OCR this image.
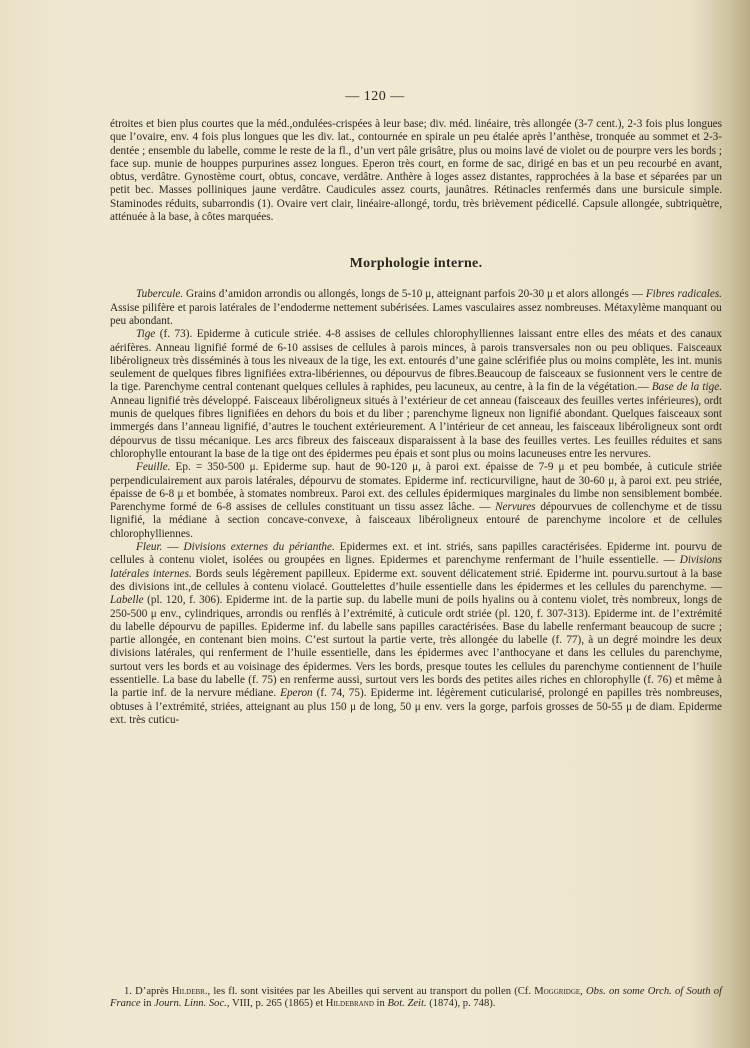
— 120 —

étroites et bien plus courtes que la méd.,ondulées-crispées à leur base; div. méd. linéaire, très allongée (3-7 cent.), 2-3 fois plus longues que l’ovaire, env. 4 fois plus longues que les div. lat., contournée en spirale un peu étalée après l’anthèse, tronquée au sommet et 2-3-dentée ; ensemble du labelle, comme le reste de la fl., d’un vert pâle grisâtre, plus ou moins lavé de violet ou de pourpre vers les bords ; face sup. munie de houppes purpurines assez longues. Eperon très court, en forme de sac, dirigé en bas et un peu recourbé en avant, obtus, verdâtre. Gynostème court, obtus, concave, verdâtre. Anthère à loges assez distantes, rapprochées à la base et séparées par un petit bec. Masses polliniques jaune verdâtre. Caudicules assez courts, jaunâtres. Rétinacles renfermés dans une bursicule simple. Staminodes réduits, subarrondis (1). Ovaire vert clair, linéaire-allongé, tordu, très brièvement pédicellé. Capsule allongée, subtriquètre, atténuée à la base, à côtes marquées.

Morphologie interne.

Tubercule. Grains d’amidon arrondis ou allongés, longs de 5-10 μ, atteignant parfois 20-30 μ et alors allongés — Fibres radicales. Assise pilifère et parois latérales de l’endoderme nettement subérisées. Lames vasculaires assez nombreuses. Métaxylème manquant ou peu abondant.

Tige (f. 73). Epiderme à cuticule striée. 4-8 assises de cellules chlorophylliennes laissant entre elles des méats et des canaux aérifères. Anneau lignifié formé de 6-10 assises de cellules à parois minces, à parois transversales non ou peu obliques. Faisceaux libéroligneux très disséminés à tous les niveaux de la tige, les ext. entourés d’une gaine sclérifiée plus ou moins complète, les int. munis seulement de quelques fibres lignifiées extra-libériennes, ou dépourvus de fibres.Beaucoup de faisceaux se fusionnent vers le centre de la tige. Parenchyme central contenant quelques cellules à raphides, peu lacuneux, au centre, à la fin de la végétation.— Base de la tige. Anneau lignifié très développé. Faisceaux libéroligneux situés à l’extérieur de cet anneau (faisceaux des feuilles vertes inférieures), ordt munis de quelques fibres lignifiées en dehors du bois et du liber ; parenchyme ligneux non lignifié abondant. Quelques faisceaux sont immergés dans l’anneau lignifié, d’autres le touchent extérieurement. A l’intérieur de cet anneau, les faisceaux libéroligneux sont ordt dépourvus de tissu mécanique. Les arcs fibreux des faisceaux disparaissent à la base des feuilles vertes. Les feuilles réduites et sans chlorophylle entourant la base de la tige ont des épidermes peu épais et sont plus ou moins lacuneuses entre les nervures.

Feuille. Ep. = 350-500 μ. Epiderme sup. haut de 90-120 μ, à paroi ext. épaisse de 7-9 μ et peu bombée, à cuticule striée perpendiculairement aux parois latérales, dépourvu de stomates. Epiderme inf. recticurviligne, haut de 30-60 μ, à paroi ext. peu striée, épaisse de 6-8 μ et bombée, à stomates nombreux. Paroi ext. des cellules épidermiques marginales du limbe non sensiblement bombée. Parenchyme formé de 6-8 assises de cellules constituant un tissu assez lâche. — Nervures dépourvues de collenchyme et de tissu lignifié, la médiane à section concave-convexe, à faisceaux libéroligneux entouré de parenchyme incolore et de cellules chlorophylliennes.

Fleur. — Divisions externes du périanthe. Epidermes ext. et int. striés, sans papilles caractérisées. Epiderme int. pourvu de cellules à contenu violet, isolées ou groupées en lignes. Epidermes et parenchyme renfermant de l’huile essentielle. — Divisions latérales internes. Bords seuls légèrement papilleux. Epiderme ext. souvent délicatement strié. Epiderme int. pourvu.surtout à la base des divisions int.,de cellules à contenu violacé. Gouttelettes d’huile essentielle dans les épidermes et les cellules du parenchyme. — Labelle (pl. 120, f. 306). Epiderme int. de la partie sup. du labelle muni de poils hyalins ou à contenu violet, très nombreux, longs de 250-500 μ env., cylindriques, arrondis ou renflés à l’extrémité, à cuticule ordt striée (pl. 120, f. 307-313). Epiderme int. de l’extrémité du labelle dépourvu de papilles. Epiderme inf. du labelle sans papilles caractérisées. Base du labelle renfermant beaucoup de sucre ; partie allongée, en contenant bien moins. C’est surtout la partie verte, très allongée du labelle (f. 77), à un degré moindre les deux divisions latérales, qui renferment de l’huile essentielle, dans les épidermes avec l’anthocyane et dans les cellules du parenchyme, surtout vers les bords et au voisinage des épidermes. Vers les bords, presque toutes les cellules du parenchyme contiennent de l’huile essentielle. La base du labelle (f. 75) en renferme aussi, surtout vers les bords des petites ailes riches en chlorophylle (f. 76) et même à la partie inf. de la nervure médiane. Eperon (f. 74, 75). Epiderme int. légèrement cuticularisé, prolongé en papilles très nombreuses, obtuses à l’extrémité, striées, atteignant au plus 150 μ de long, 50 μ env. vers la gorge, parfois grosses de 50-55 μ de diam. Epiderme ext. très cuticu-

1. D’après Hildebr., les fl. sont visitées par les Abeilles qui servent au transport du pollen (Cf. Moggridge, Obs. on some Orch. of South of France in Journ. Linn. Soc., VIII, p. 265 (1865) et Hildebrand in Bot. Zeit. (1874), p. 748).
